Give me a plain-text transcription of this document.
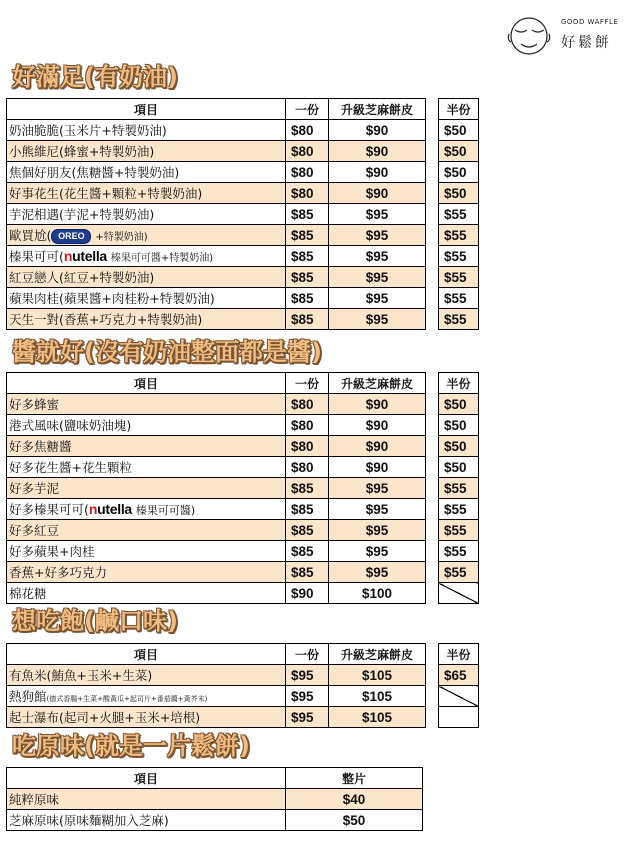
GOOD WAFFLE
好鬆餅
好滿足(有奶油)
項目	一份	升級芝麻餅皮		半份
奶油脆脆(玉米片+特製奶油)	$80	$90		$50
小熊維尼(蜂蜜+特製奶油)	$80	$90		$50
焦個好朋友(焦糖醬+特製奶油)	$80	$90		$50
好事花生(花生醬+顆粒+特製奶油)	$80	$90		$50
芋泥相遇(芋泥+特製奶油)	$85	$95		$55
歐買尬( OREO +特製奶油)	$85	$95		$55
榛果可可(nutella 榛果可可醬+特製奶油)	$85	$95		$55
紅豆戀人(紅豆+特製奶油)	$85	$95		$55
蘋果肉桂(蘋果醬+肉桂粉+特製奶油)	$85	$95		$55
天生一對(香蕉+巧克力+特製奶油)	$85	$95		$55
醬就好(沒有奶油整面都是醬)
項目	一份	升級芝麻餅皮		半份
好多蜂蜜	$80	$90		$50
港式風味(鹽味奶油塊)	$80	$90		$50
好多焦糖醬	$80	$90		$50
好多花生醬+花生顆粒	$80	$90		$50
好多芋泥	$85	$95		$55
好多榛果可可(nutella 榛果可可醬)	$85	$95		$55
好多紅豆	$85	$95		$55
好多蘋果+肉桂	$85	$95		$55
香蕉+好多巧克力	$85	$95		$55
棉花糖	$90	$100		
想吃飽(鹹口味)
項目	一份	升級芝麻餅皮		半份
有魚米(鮪魚+玉米+生菜)	$95	$105		$65
熱狗館(德式香腸+生菜+酸黃瓜+起司片+番茄醬+黃芥末)	$95	$105		
起士瀑布(起司+火腿+玉米+培根)	$95	$105		
吃原味(就是一片鬆餅)
項目	整片
純粹原味	$40
芝麻原味(原味麵糊加入芝麻)	$50
